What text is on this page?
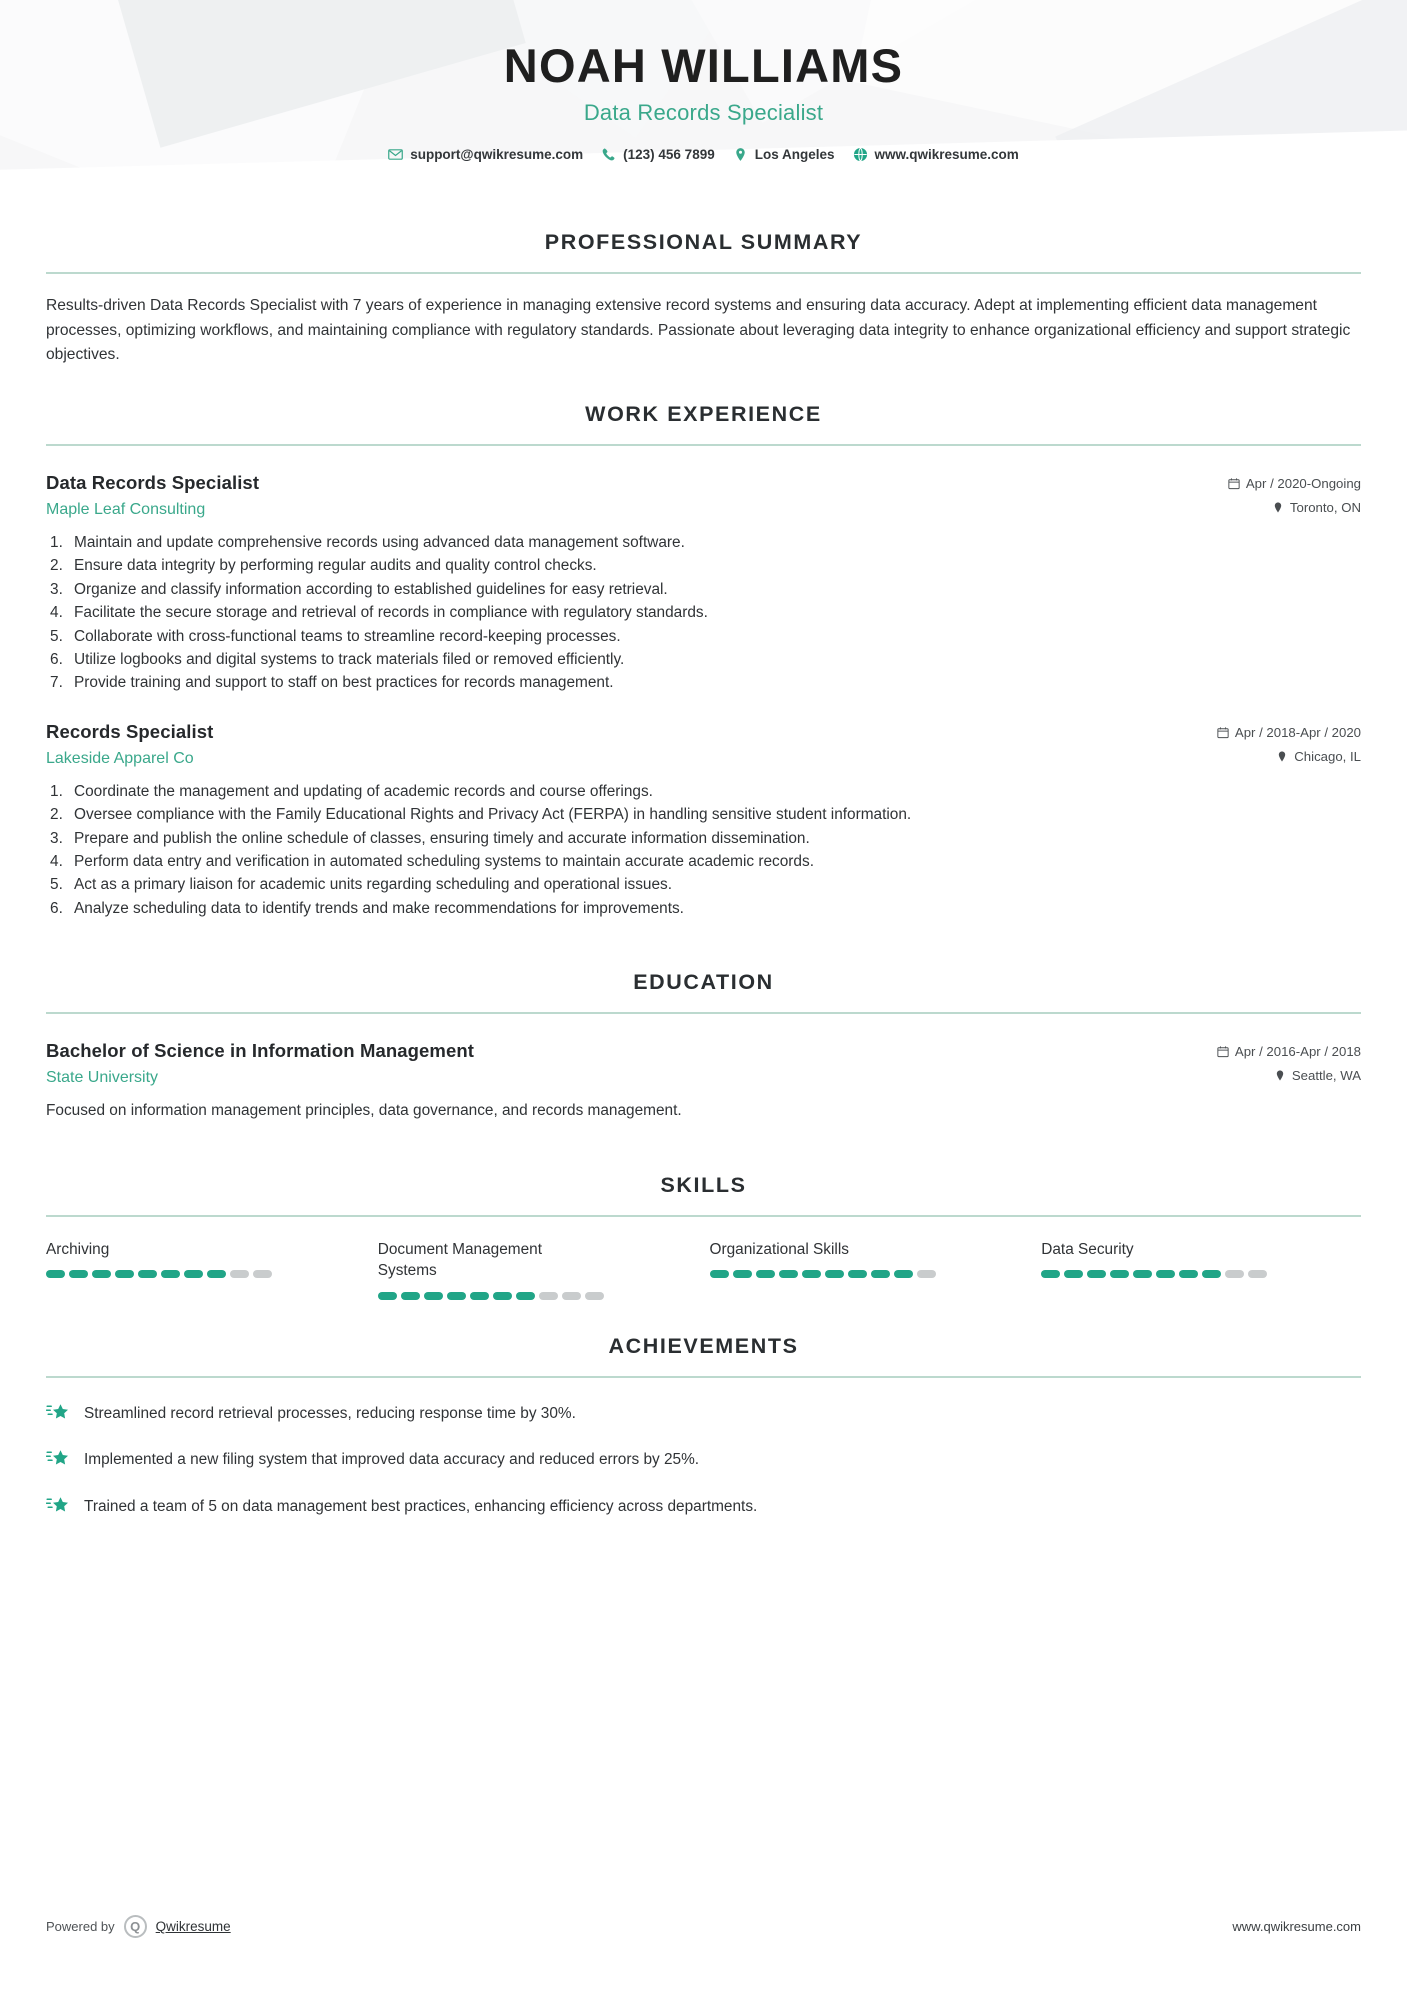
NOAH WILLIAMS
Data Records Specialist
support@qwikresume.com	(123) 456 7899	Los Angeles	www.qwikresume.com
PROFESSIONAL SUMMARY

Results-driven Data Records Specialist with 7 years of experience in managing extensive record systems and ensuring data accuracy. Adept at implementing efficient data management processes, optimizing workflows, and maintaining compliance with regulatory standards. Passionate about leveraging data integrity to enhance organizational efficiency and support strategic objectives.

WORK EXPERIENCE
Data Records Specialist
Maple Leaf Consulting
Apr / 2020-Ongoing
Toronto, ON
Maintain and update comprehensive records using advanced data management software.
Ensure data integrity by performing regular audits and quality control checks.
Organize and classify information according to established guidelines for easy retrieval.
Facilitate the secure storage and retrieval of records in compliance with regulatory standards.
Collaborate with cross-functional teams to streamline record-keeping processes.
Utilize logbooks and digital systems to track materials filed or removed efficiently.
Provide training and support to staff on best practices for records management.
Records Specialist
Lakeside Apparel Co
Apr / 2018-Apr / 2020
Chicago, IL
Coordinate the management and updating of academic records and course offerings.
Oversee compliance with the Family Educational Rights and Privacy Act (FERPA) in handling sensitive student information.
Prepare and publish the online schedule of classes, ensuring timely and accurate information dissemination.
Perform data entry and verification in automated scheduling systems to maintain accurate academic records.
Act as a primary liaison for academic units regarding scheduling and operational issues.
Analyze scheduling data to identify trends and make recommendations for improvements.
EDUCATION
Bachelor of Science in Information Management
State University
Apr / 2016-Apr / 2018
Seattle, WA
Focused on information management principles, data governance, and records management.
SKILLS
Archiving	Document Management Systems
Organizational Skills	Data Security
ACHIEVEMENTS
Streamlined record retrieval processes, reducing response time by 30%.
Implemented a new filing system that improved data accuracy and reduced errors by 25%.
Trained a team of 5 on data management best practices, enhancing efficiency across departments.
Powered by	Q	Qwikresume	www.qwikresume.com
